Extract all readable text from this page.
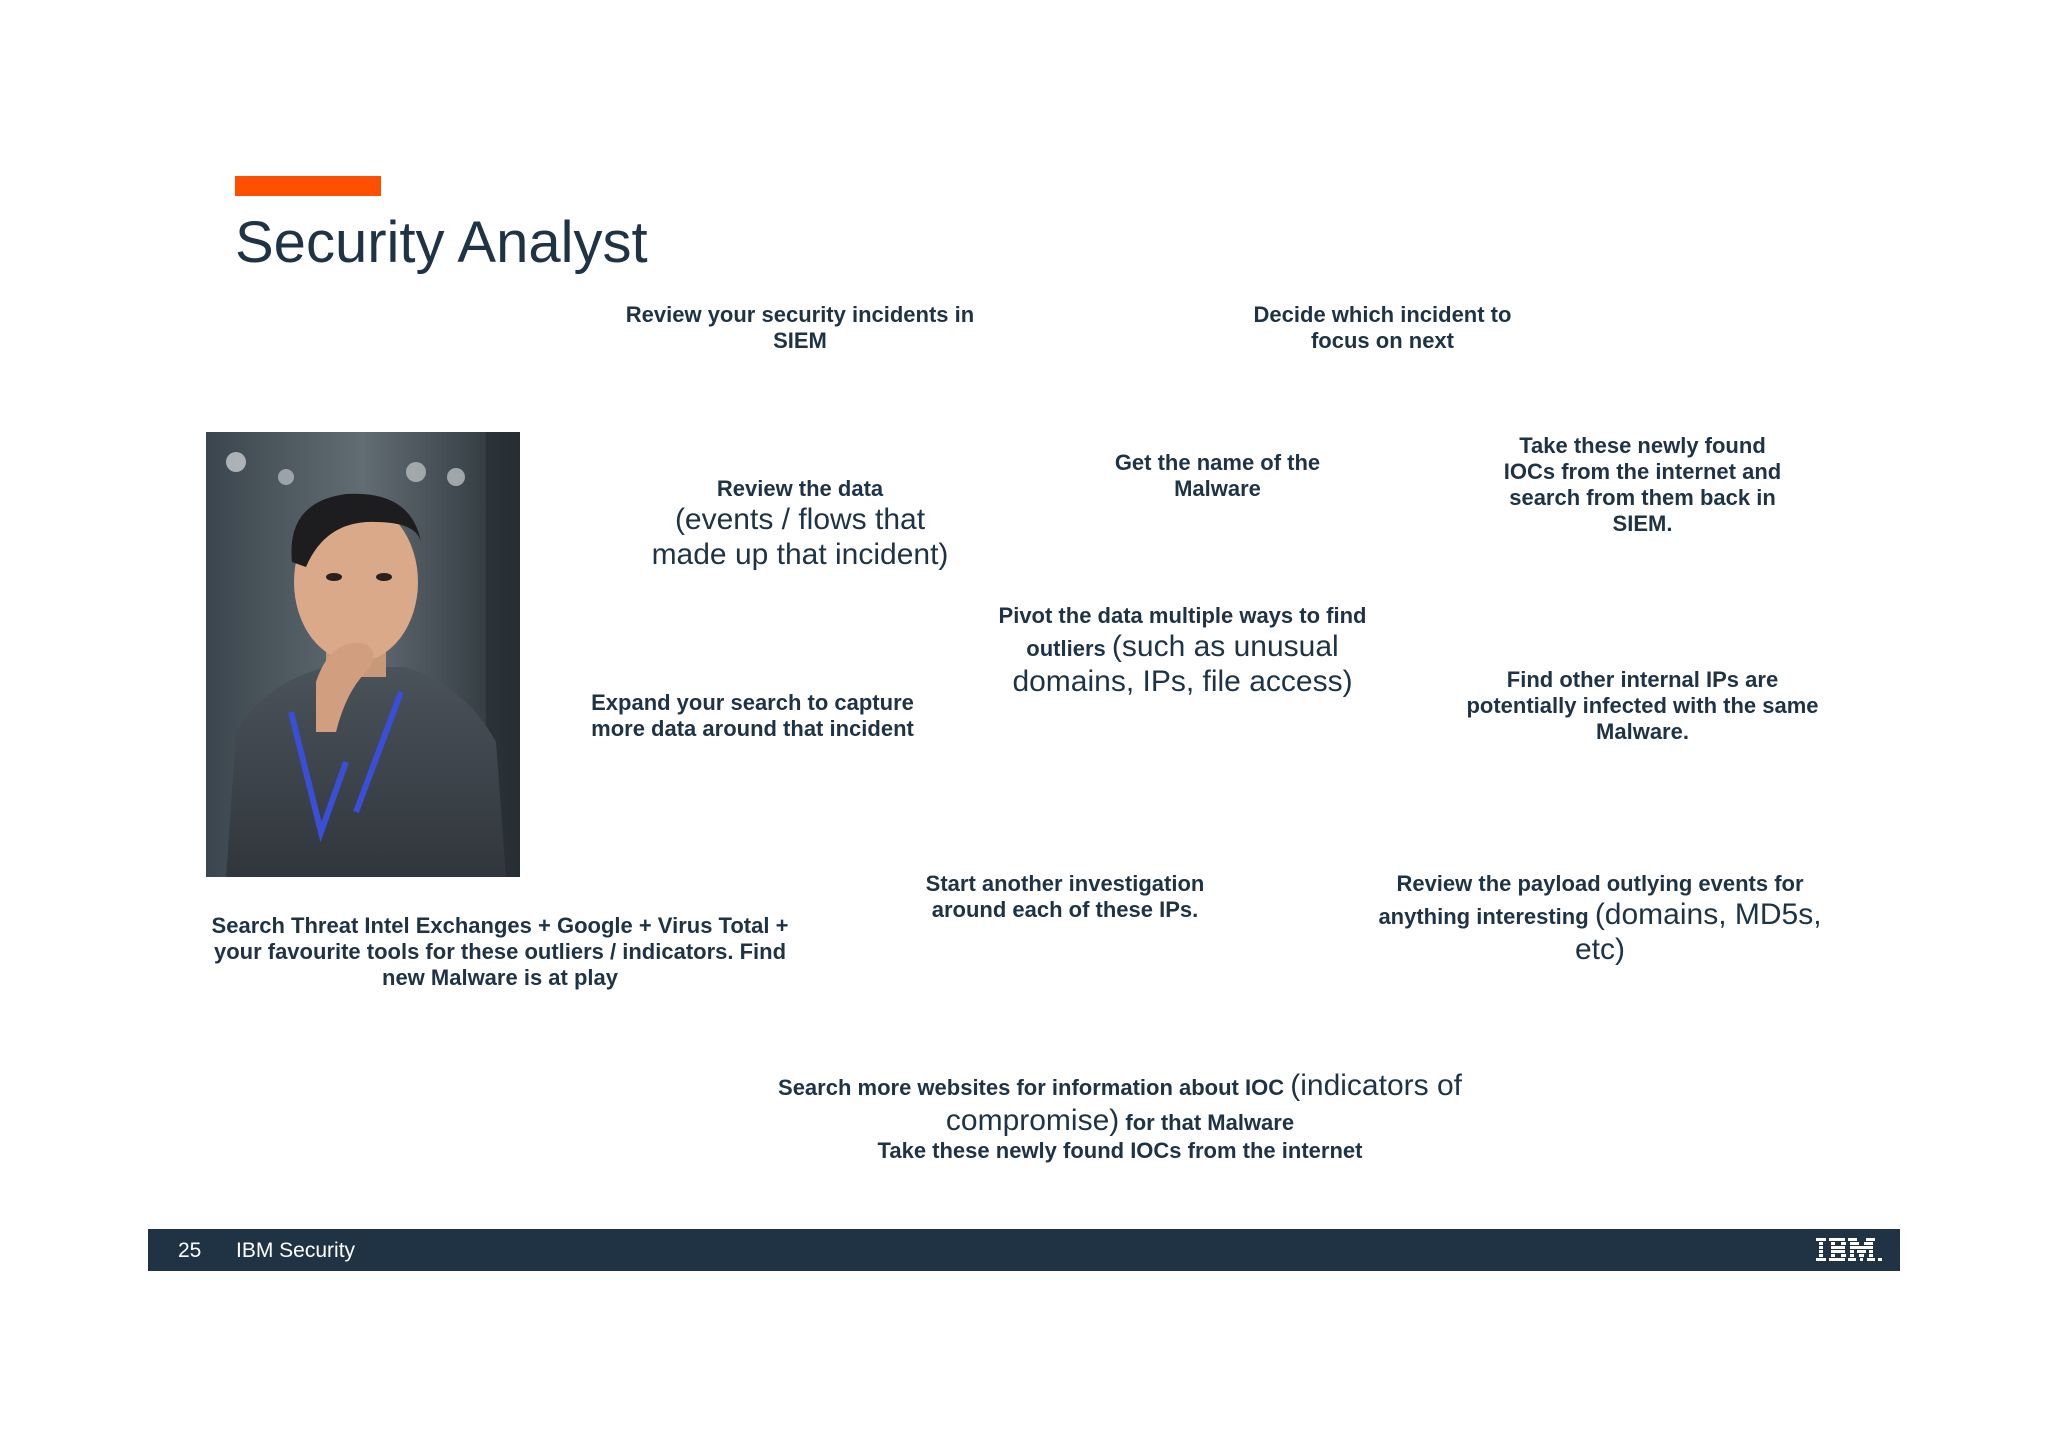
Security Analyst
Review your security incidents in SIEM
Decide which incident to focus on next
Review the data
(events / flows that made up that incident)
Get the name of the Malware
Take these newly found IOCs from the internet and search from them back in SIEM.
Pivot the data multiple ways to find outliers (such as unusual domains, IPs, file access)
Expand your search to capture more data around that incident
Find other internal IPs are potentially infected with the same Malware.
Start another investigation around each of these IPs.
Review the payload outlying events for anything interesting (domains, MD5s, etc)
Search Threat Intel Exchanges + Google + Virus Total + your favourite tools for these outliers / indicators. Find new Malware is at play
Search more websites for information about IOC (indicators of compromise) for that Malware
Take these newly found IOCs from the internet
25 IBM Security
